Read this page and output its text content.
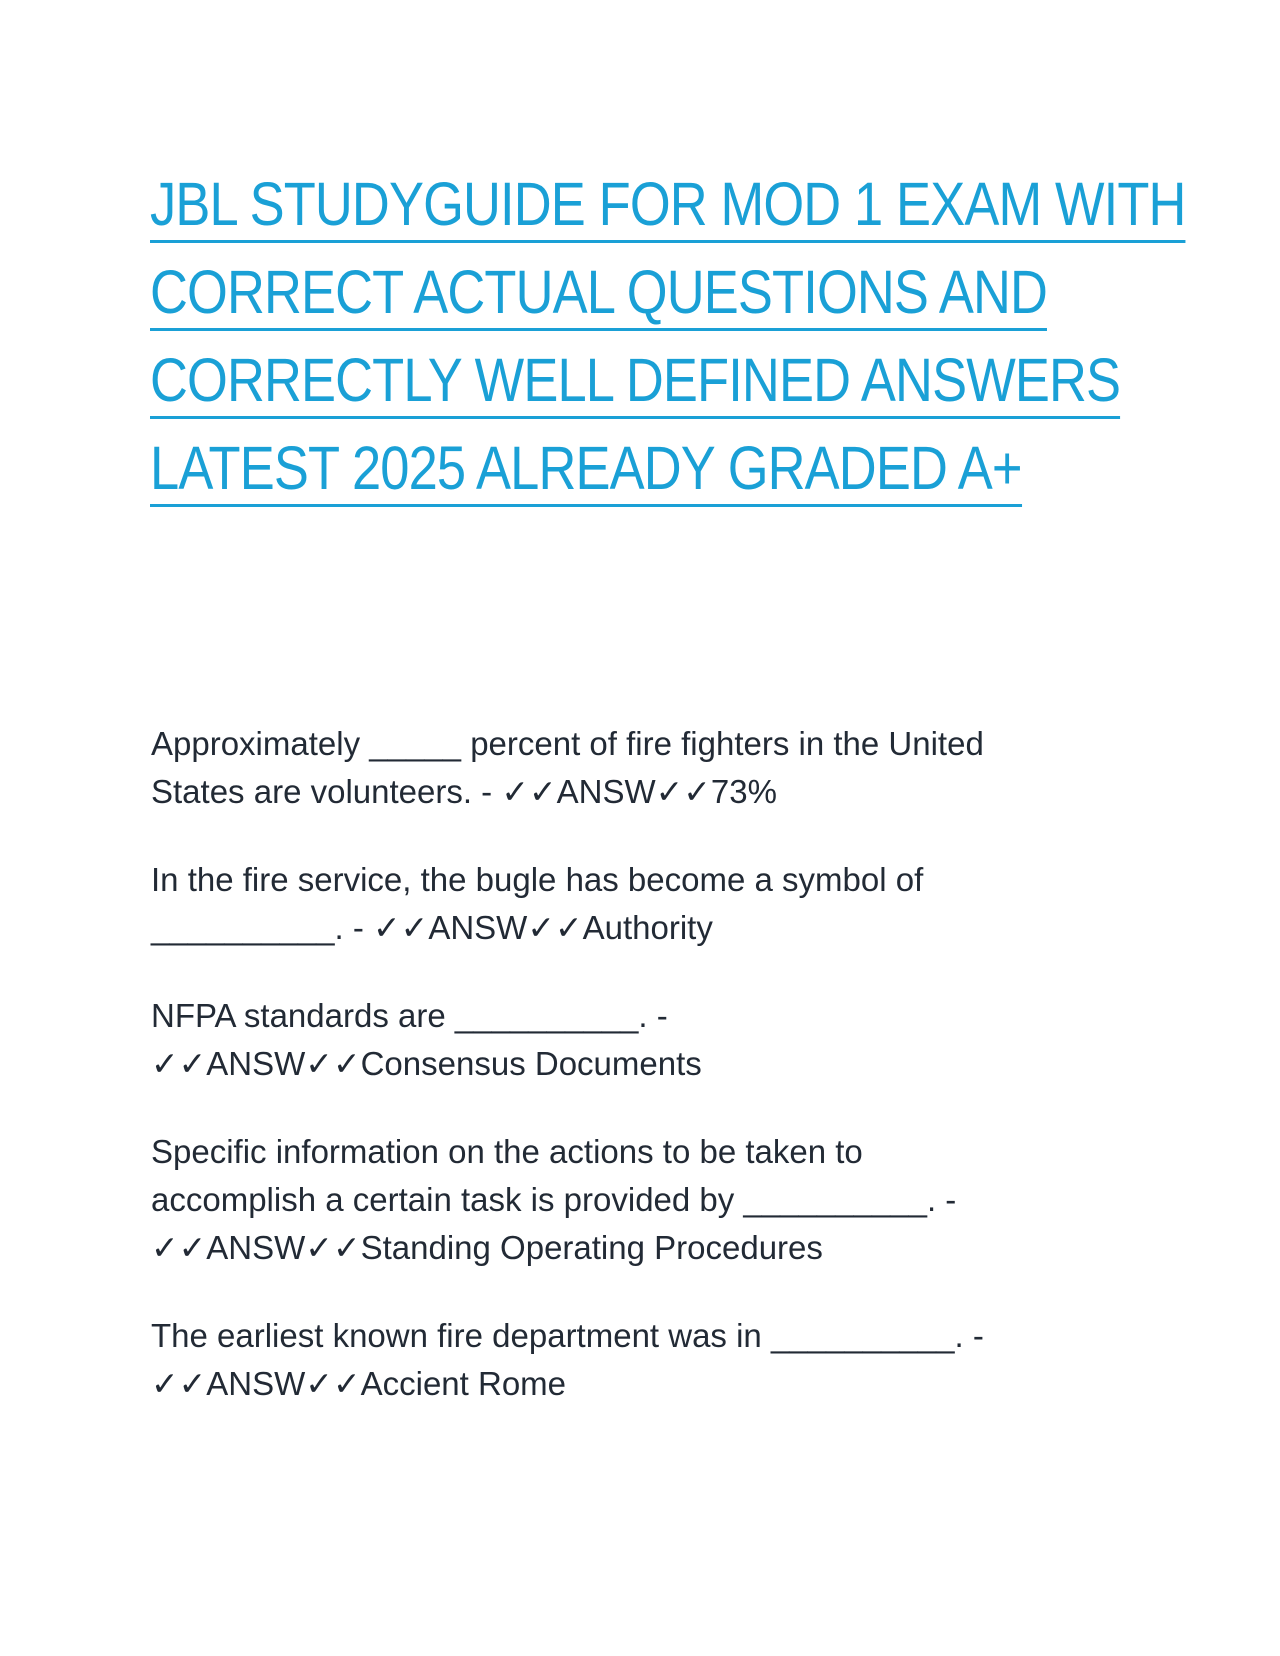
JBL STUDYGUIDE FOR MOD 1 EXAM WITH
CORRECT ACTUAL QUESTIONS AND
CORRECTLY WELL DEFINED ANSWERS
LATEST 2025 ALREADY GRADED A+

Approximately _____ percent of fire fighters in the United
States are volunteers. - ✓✓ANSW✓✓73%

In the fire service, the bugle has become a symbol of
__________. - ✓✓ANSW✓✓Authority

NFPA standards are __________. -
✓✓ANSW✓✓Consensus Documents

Specific information on the actions to be taken to
accomplish a certain task is provided by __________. -
✓✓ANSW✓✓Standing Operating Procedures

The earliest known fire department was in __________. -
✓✓ANSW✓✓Accient Rome
